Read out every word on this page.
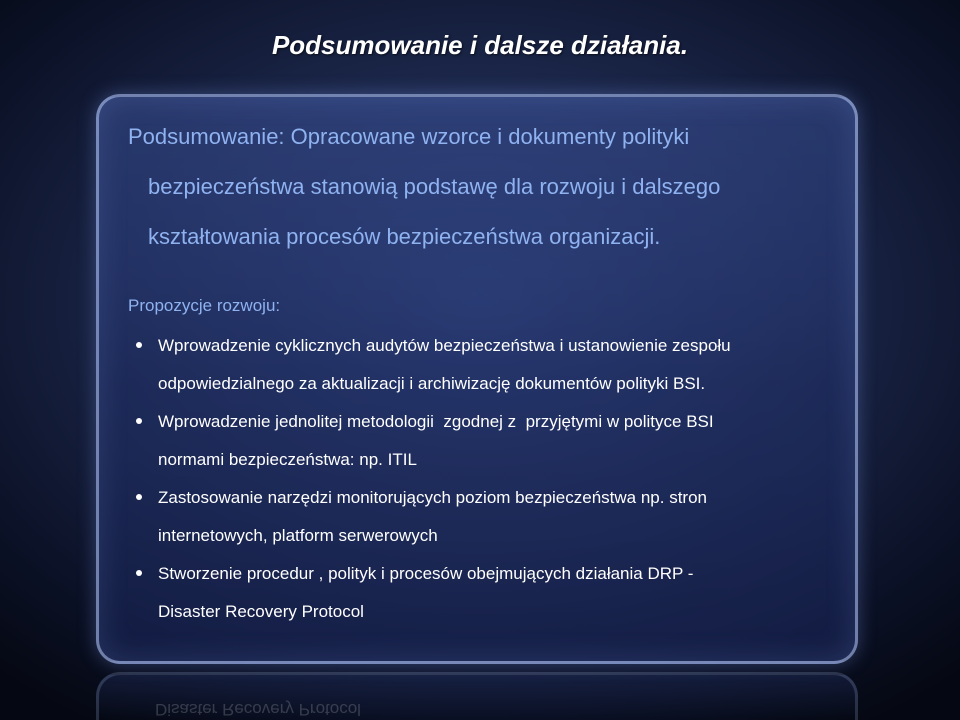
Podsumowanie i dalsze działania.
Podsumowanie: Opracowane wzorce i dokumenty polityki
bezpieczeństwa stanowią podstawę dla rozwoju i dalszego
kształtowania procesów bezpieczeństwa organizacji.
Propozycje rozwoju:
Wprowadzenie cyklicznych audytów bezpieczeństwa i ustanowienie zespołu
odpowiedzialnego za aktualizacji i archiwizację dokumentów polityki BSI.
Wprowadzenie jednolitej metodologii  zgodnej z  przyjętymi w polityce BSI
normami bezpieczeństwa: np. ITIL
Zastosowanie narzędzi monitorujących poziom bezpieczeństwa np. stron
internetowych, platform serwerowych
Stworzenie procedur , polityk i procesów obejmujących działania DRP -
Disaster Recovery Protocol
Disaster Recovery Protocol
